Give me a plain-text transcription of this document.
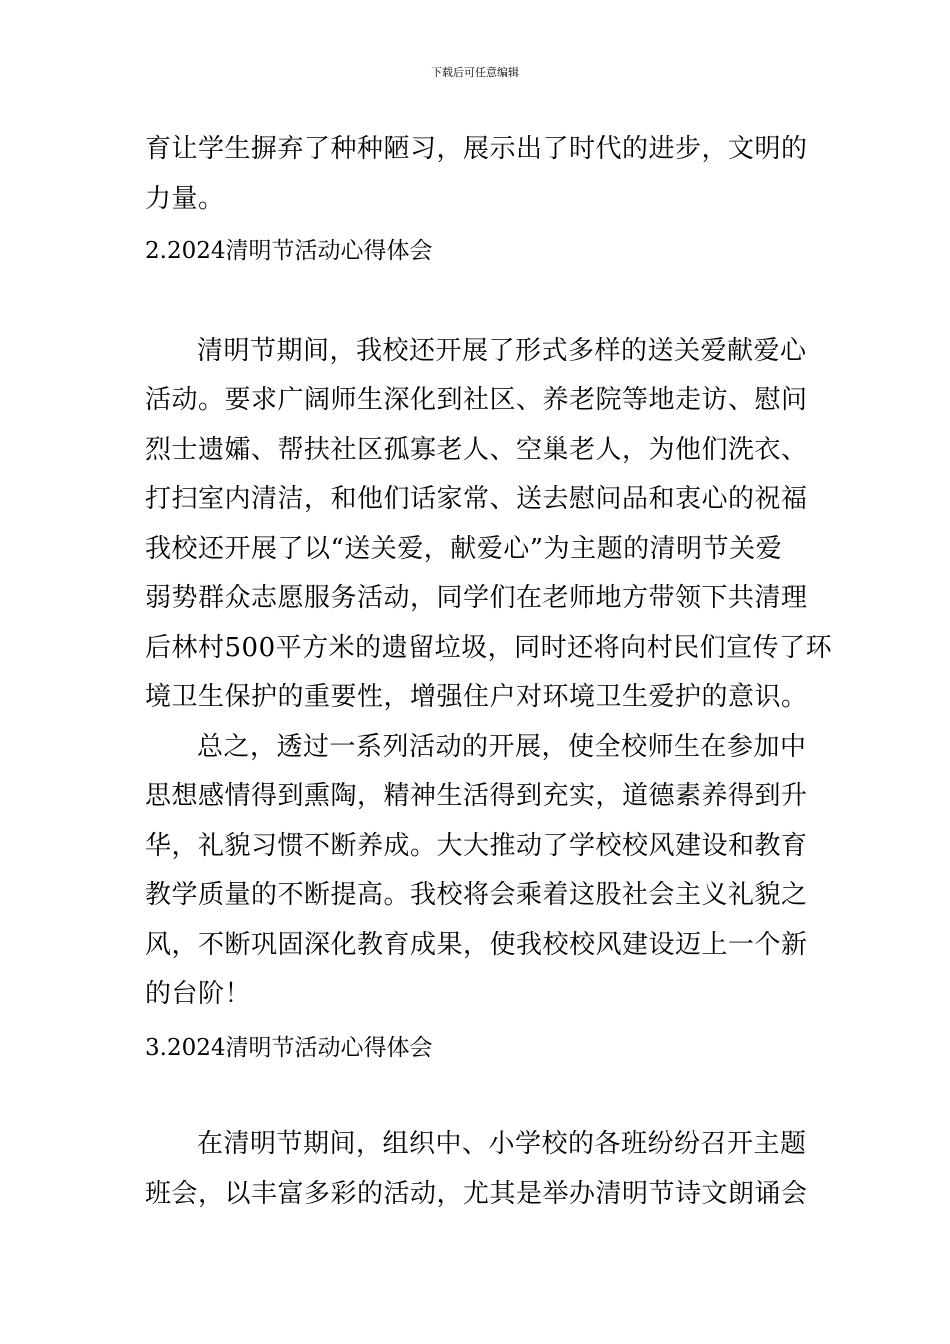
下载后可任意编辑
育让学生摒弃了种种陋习，展示出了时代的进步，文明的
力量。
2.2024清明节活动心得体会
清明节期间，我校还开展了形式多样的送关爱献爱心
活动。要求广阔师生深化到社区、养老院等地走访、慰问
烈士遗孀、帮扶社区孤寡老人、空巢老人，为他们洗衣、
打扫室内清洁，和他们话家常、送去慰问品和衷心的祝福
我校还开展了以“送关爱，献爱心”为主题的清明节关爱
弱势群众志愿服务活动，同学们在老师地方带领下共清理
后林村500平方米的遗留垃圾，同时还将向村民们宣传了环
境卫生保护的重要性，增强住户对环境卫生爱护的意识。
总之，透过一系列活动的开展，使全校师生在参加中
思想感情得到熏陶，精神生活得到充实，道德素养得到升
华，礼貌习惯不断养成。大大推动了学校校风建设和教育
教学质量的不断提高。我校将会乘着这股社会主义礼貌之
风，不断巩固深化教育成果，使我校校风建设迈上一个新
的台阶！
3.2024清明节活动心得体会
在清明节期间，组织中、小学校的各班纷纷召开主题
班会，以丰富多彩的活动，尤其是举办清明节诗文朗诵会
